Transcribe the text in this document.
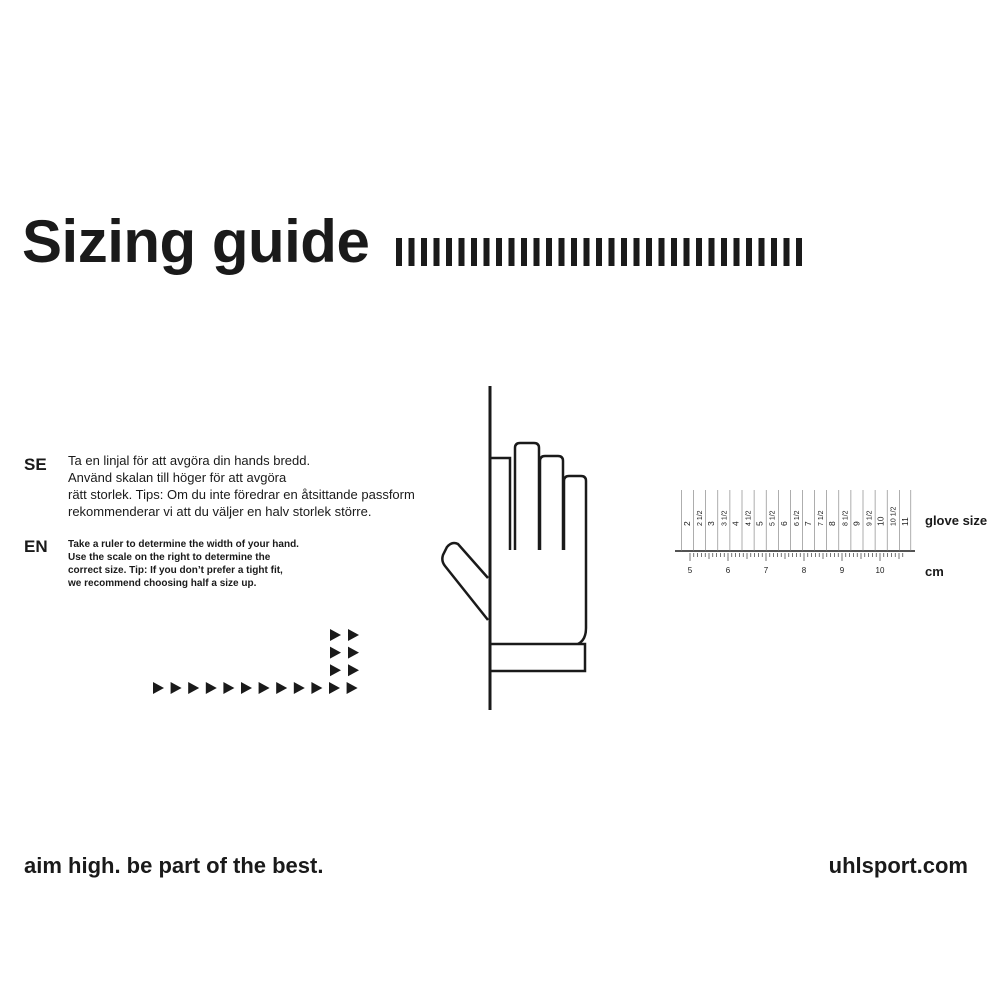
Sizing guide
SE Ta en linjal för att avgöra din hands bredd.
Använd skalan till höger för att avgöra
rätt storlek. Tips: Om du inte föredrar en åtsittande passform
rekommenderar vi att du väljer en halv storlek större.
EN Take a ruler to determine the width of your hand.
Use the scale on the right to determine the
correct size. Tip: If you don’t prefer a tight fit,
we recommend choosing half a size up.
2 2 1/2 3 3 1/2 4 4 1/2 5 5 1/2 6 6 1/2 7 7 1/2 8 8 1/2 9 9 1/2 10 10 1/2 11
5	6	7	8	9	10
glove size
cm
aim high. be part of the best.	uhlsport.com
